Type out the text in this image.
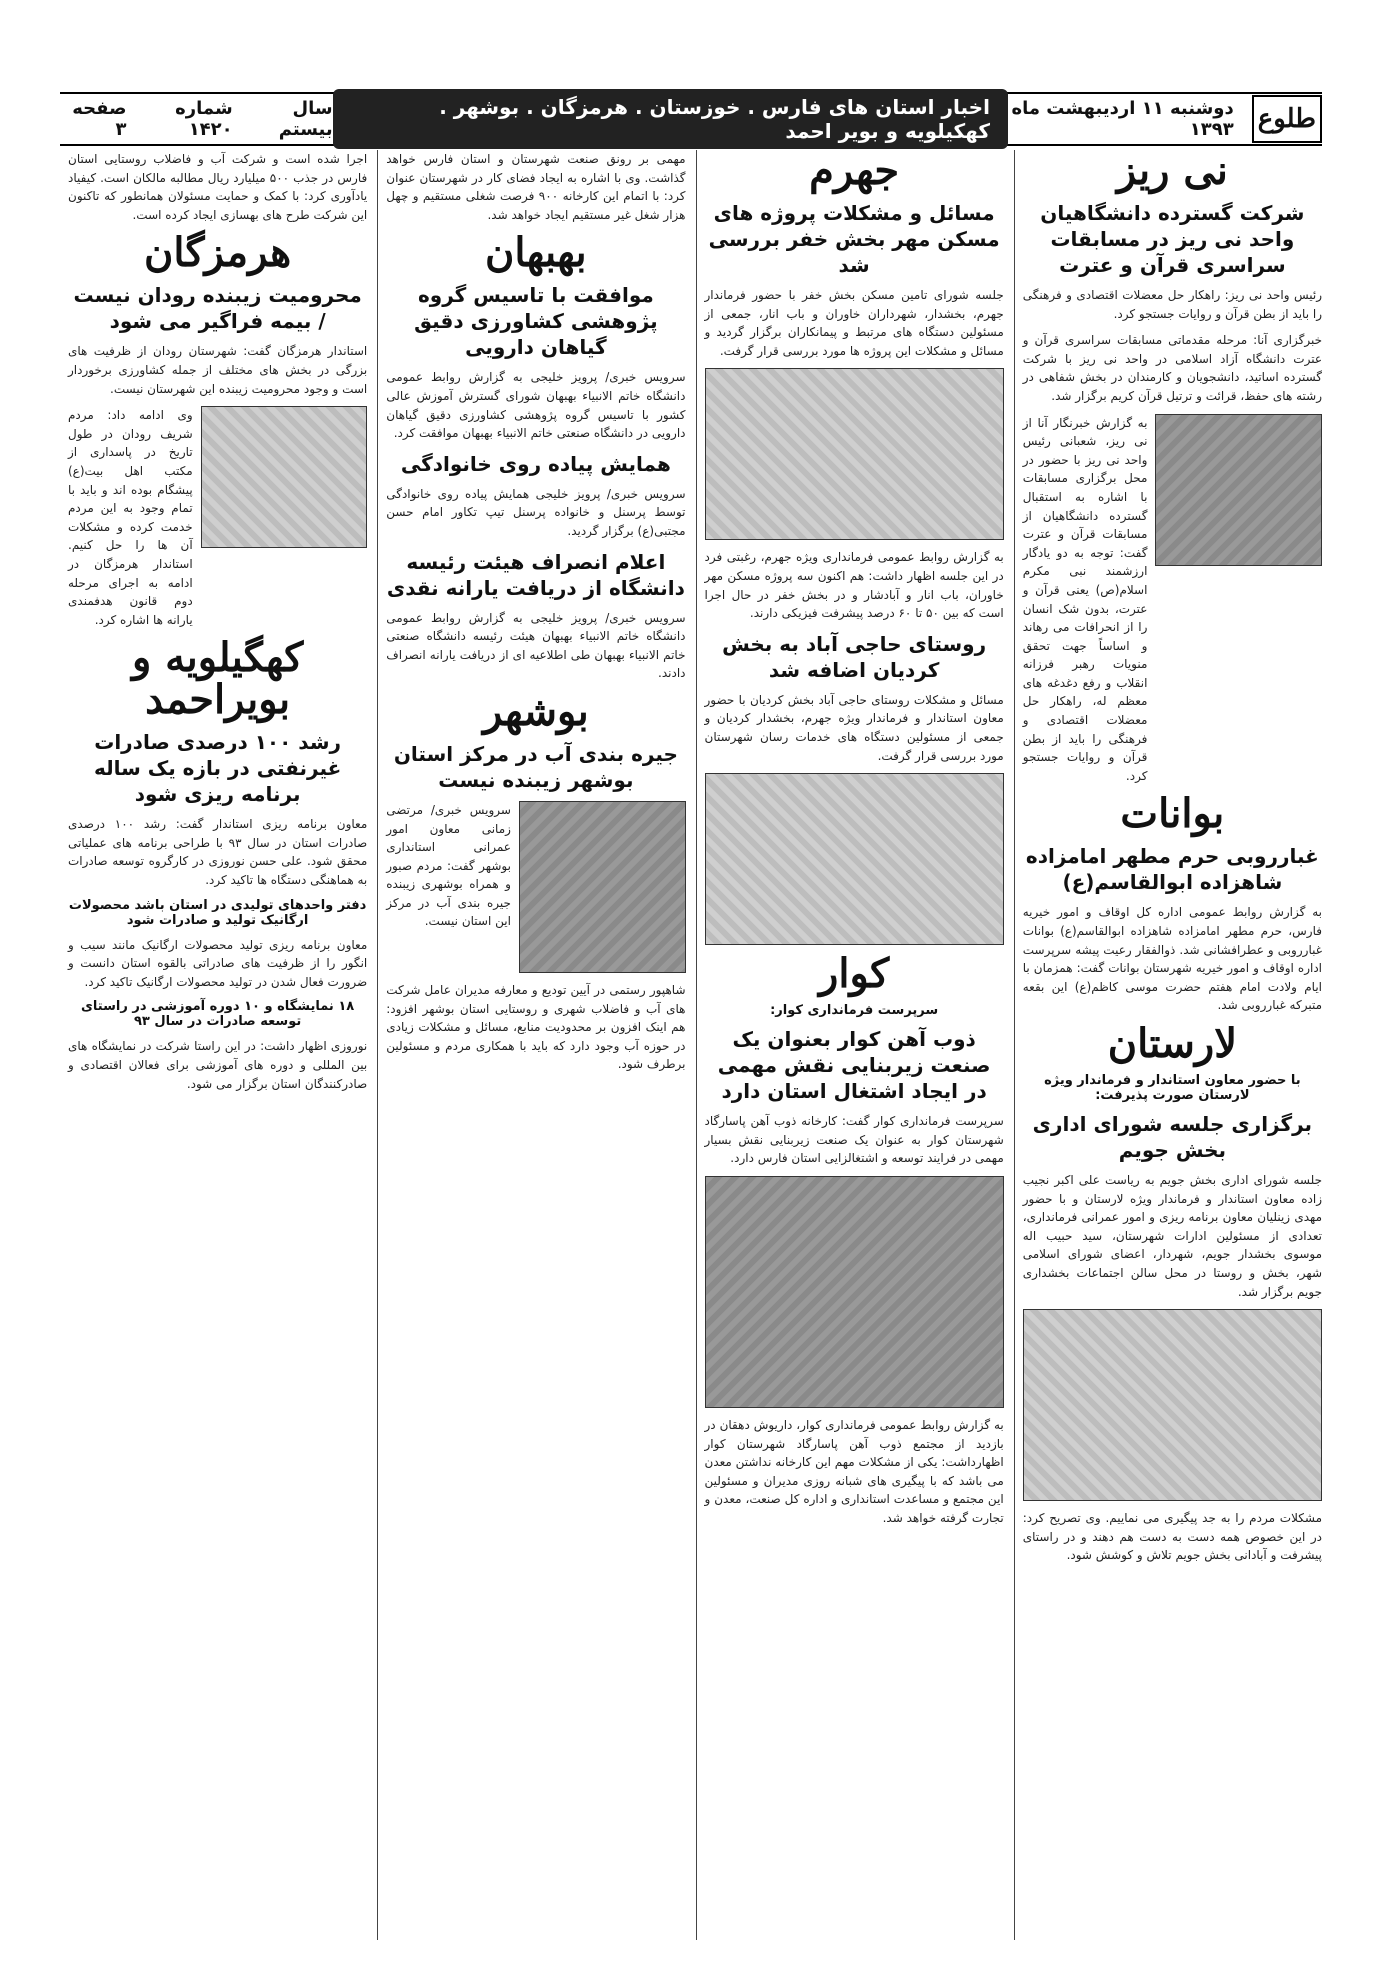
طلوع
دوشنبه ۱۱ اردیبهشت ماه ۱۳۹۳
اخبار استان های فارس . خوزستان . هرمزگان . بوشهر . کهکیلویه و بویر احمد
سال بیستم
شماره ۱۴۲۰
صفحه ۳
نی ریز
شرکت گسترده دانشگاهیان واحد نی ریز در مسابقات سراسری قرآن و عترت
رئیس واحد نی ریز: راهکار حل معضلات اقتصادی و فرهنگی را باید از بطن قرآن و روایات جستجو کرد.
خبرگزاری آنا: مرحله مقدماتی مسابقات سراسری قرآن و عترت دانشگاه آزاد اسلامی در واحد نی ریز با شرکت گسترده اساتید، دانشجویان و کارمندان در بخش شفاهی در رشته های حفظ، قرائت و ترتیل قرآن کریم برگزار شد.
به گزارش خبرنگار آنا از نی ریز، شعبانی رئیس واحد نی ریز با حضور در محل برگزاری مسابقات با اشاره به استقبال گسترده دانشگاهیان از مسابقات قرآن و عترت گفت: توجه به دو یادگار ارزشمند نبی مکرم اسلام(ص) یعنی قرآن و عترت، بدون شک انسان را از انحرافات می رهاند و اساساً جهت تحقق منویات رهبر فرزانه انقلاب و رفع دغدغه های معظم له، راهکار حل معضلات اقتصادی و فرهنگی را باید از بطن قرآن و روایات جستجو کرد.
بوانات
غبارروبی حرم مطهر امامزاده شاهزاده ابوالقاسم(ع)
به گزارش روابط عمومی اداره کل اوقاف و امور خیریه فارس، حرم مطهر امامزاده شاهزاده ابوالقاسم(ع) بوانات غبارروبی و عطرافشانی شد. ذوالفقار رعیت پیشه سرپرست اداره اوقاف و امور خیریه شهرستان بوانات گفت: همزمان با ایام ولادت امام هفتم حضرت موسی کاظم(ع) این بقعه متبرکه غبارروبی شد.
لارستان
با حضور معاون استاندار و فرماندار ویژه لارستان صورت پذیرفت:
برگزاری جلسه شورای اداری بخش جویم
جلسه شورای اداری بخش جویم به ریاست علی اکبر نجیب زاده معاون استاندار و فرماندار ویژه لارستان و با حضور مهدی زینلیان معاون برنامه ریزی و امور عمرانی فرمانداری، تعدادی از مسئولین ادارات شهرستان، سید حبیب اله موسوی بخشدار جویم، شهردار، اعضای شورای اسلامی شهر، بخش و روستا در محل سالن اجتماعات بخشداری جویم برگزار شد.
مشکلات مردم را به جد پیگیری می نماییم. وی تصریح کرد: در این خصوص همه دست به دست هم دهند و در راستای پیشرفت و آبادانی بخش جویم تلاش و کوشش شود.
جهرم
مسائل و مشکلات پروژه های مسکن مهر بخش خفر بررسی شد
جلسه شورای تامین مسکن بخش خفر با حضور فرماندار جهرم، بخشدار، شهرداران خاوران و باب انار، جمعی از مسئولین دستگاه های مرتبط و پیمانکاران برگزار گردید و مسائل و مشکلات این پروژه ها مورد بررسی قرار گرفت.
به گزارش روابط عمومی فرمانداری ویژه جهرم، رغبتی فرد در این جلسه اظهار داشت: هم اکنون سه پروژه مسکن مهر خاوران، باب انار و آبادشار و در بخش خفر در حال اجرا است که بین ۵۰ تا ۶۰ درصد پیشرفت فیزیکی دارند.
روستای حاجی آباد به بخش کردیان اضافه شد
مسائل و مشکلات روستای حاجی آباد بخش کردیان با حضور معاون استاندار و فرماندار ویژه جهرم، بخشدار کردیان و جمعی از مسئولین دستگاه های خدمات رسان شهرستان مورد بررسی قرار گرفت.
کوار
سرپرست فرمانداری کوار:
ذوب آهن کوار بعنوان یک صنعت زیربنایی نقش مهمی در ایجاد اشتغال استان دارد
سرپرست فرمانداری کوار گفت: کارخانه ذوب آهن پاسارگاد شهرستان کوار به عنوان یک صنعت زیربنایی نقش بسیار مهمی در فرایند توسعه و اشتغالزایی استان فارس دارد.
به گزارش روابط عمومی فرمانداری کوار، داریوش دهقان در بازدید از مجتمع ذوب آهن پاسارگاد شهرستان کوار اظهارداشت: یکی از مشکلات مهم این کارخانه نداشتن معدن می باشد که با پیگیری های شبانه روزی مدیران و مسئولین این مجتمع و مساعدت استانداری و اداره کل صنعت، معدن و تجارت گرفته خواهد شد.
مهمی بر رونق صنعت شهرستان و استان فارس خواهد گذاشت. وی با اشاره به ایجاد فضای کار در شهرستان عنوان کرد: با اتمام این کارخانه ۹۰۰ فرصت شغلی مستقیم و چهل هزار شغل غیر مستقیم ایجاد خواهد شد.
بهبهان
موافقت با تاسیس گروه پژوهشی کشاورزی دقیق گیاهان دارویی
سرویس خبری/ پرویز خلیجی به گزارش روابط عمومی دانشگاه خاتم الانبیاء بهبهان شورای گسترش آموزش عالی کشور با تاسیس گروه پژوهشی کشاورزی دقیق گیاهان دارویی در دانشگاه صنعتی خاتم الانبیاء بهبهان موافقت کرد.
همایش پیاده روی خانوادگی
سرویس خبری/ پرویز خلیجی همایش پیاده روی خانوادگی توسط پرسنل و خانواده پرسنل تیپ تکاور امام حسن مجتبی(ع) برگزار گردید.
اعلام انصراف هیئت رئیسه دانشگاه از دریافت یارانه نقدی
سرویس خبری/ پرویز خلیجی به گزارش روابط عمومی دانشگاه خاتم الانبیاء بهبهان هیئت رئیسه دانشگاه صنعتی خاتم الانبیاء بهبهان طی اطلاعیه ای از دریافت یارانه انصراف دادند.
بوشهر
جیره بندی آب در مرکز استان بوشهر زیبنده نیست
سرویس خبری/ مرتضی زمانی معاون امور عمرانی استانداری بوشهر گفت: مردم صبور و همراه بوشهری زیبنده جیره بندی آب در مرکز این استان نیست.
شاهپور رستمی در آیین تودیع و معارفه مدیران عامل شرکت های آب و فاضلاب شهری و روستایی استان بوشهر افزود: هم اینک افزون بر محدودیت منابع، مسائل و مشکلات زیادی در حوزه آب وجود دارد که باید با همکاری مردم و مسئولین برطرف شود.
اجرا شده است و شرکت آب و فاضلاب روستایی استان فارس در جذب ۵۰۰ میلیارد ریال مطالبه مالکان است. کیفیاد یادآوری کرد: با کمک و حمایت مسئولان همانطور که تاکنون این شرکت طرح های بهسازی ایجاد کرده است.
هرمزگان
محرومیت زیبنده رودان نیست / بیمه فراگیر می شود
استاندار هرمزگان گفت: شهرستان رودان از ظرفیت های بزرگی در بخش های مختلف از جمله کشاورزی برخوردار است و وجود محرومیت زیبنده این شهرستان نیست.
وی ادامه داد: مردم شریف رودان در طول تاریخ در پاسداری از مکتب اهل بیت(ع) پیشگام بوده اند و باید با تمام وجود به این مردم خدمت کرده و مشکلات آن ها را حل کنیم. استاندار هرمزگان در ادامه به اجرای مرحله دوم قانون هدفمندی یارانه ها اشاره کرد.
کهگیلویه و بویراحمد
رشد ۱۰۰ درصدی صادرات غیرنفتی در بازه یک ساله برنامه ریزی شود
معاون برنامه ریزی استاندار گفت: رشد ۱۰۰ درصدی صادرات استان در سال ۹۳ با طراحی برنامه های عملیاتی محقق شود. علی حسن نوروزی در کارگروه توسعه صادرات به هماهنگی دستگاه ها تاکید کرد.
دفتر واحدهای تولیدی در استان باشد محصولات ارگانیک تولید و صادرات شود
معاون برنامه ریزی تولید محصولات ارگانیک مانند سیب و انگور را از ظرفیت های صادراتی بالقوه استان دانست و ضرورت فعال شدن در تولید محصولات ارگانیک تاکید کرد.
۱۸ نمایشگاه و ۱۰ دوره آموزشی در راستای توسعه صادرات در سال ۹۳
نوروزی اظهار داشت: در این راستا شرکت در نمایشگاه های بین المللی و دوره های آموزشی برای فعالان اقتصادی و صادرکنندگان استان برگزار می شود.
